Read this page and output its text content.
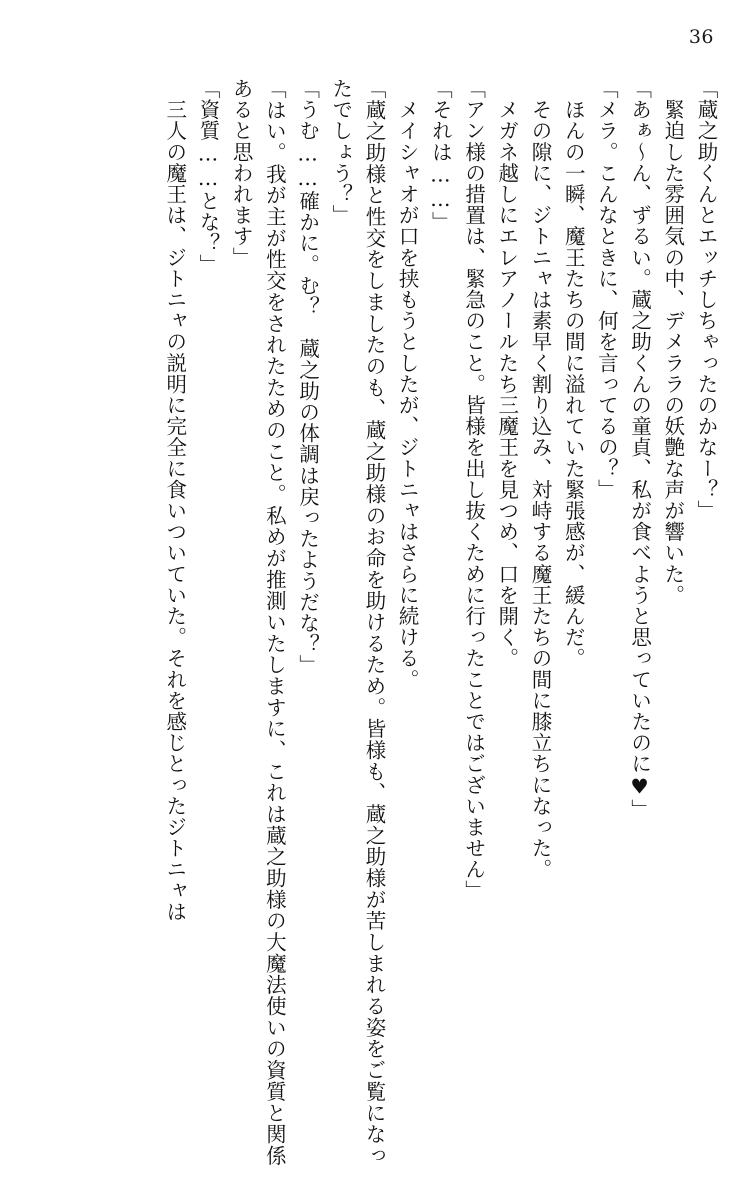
36

「蔵之助くんとエッチしちゃったのかなー？」

　緊迫した雰囲気の中、デメララの妖艶な声が響いた。

「あぁ～ん、ずるい。蔵之助くんの童貞、私が食べようと思っていたのに♥」

「メラ。こんなときに、何を言ってるの？」

　ほんの一瞬、魔王たちの間に溢れていた緊張感が、緩んだ。

　その隙に、ジトニャは素早く割り込み、対峙する魔王たちの間に膝立ちになった。

　メガネ越しにエレアノールたち三魔王を見つめ、口を開く。

「アン様の措置は、緊急のこと。皆様を出し抜くために行ったことではございません」

「それは……」

　メイシャオが口を挟もうとしたが、ジトニャはさらに続ける。

「蔵之助様と性交をしましたのも、蔵之助様のお命を助けるため。皆様も、蔵之助様が苦しまれる姿をご覧になったでしょう？」

「うむ……確かに。む？　蔵之助の体調は戻ったようだな？」

「はい。我が主が性交をされたためのこと。私めが推測いたしますに、これは蔵之助様の大魔法使いの資質と関係あると思われます」

「資質……とな？」

　三人の魔王は、ジトニャの説明に完全に食いついていた。それを感じとったジトニャは
